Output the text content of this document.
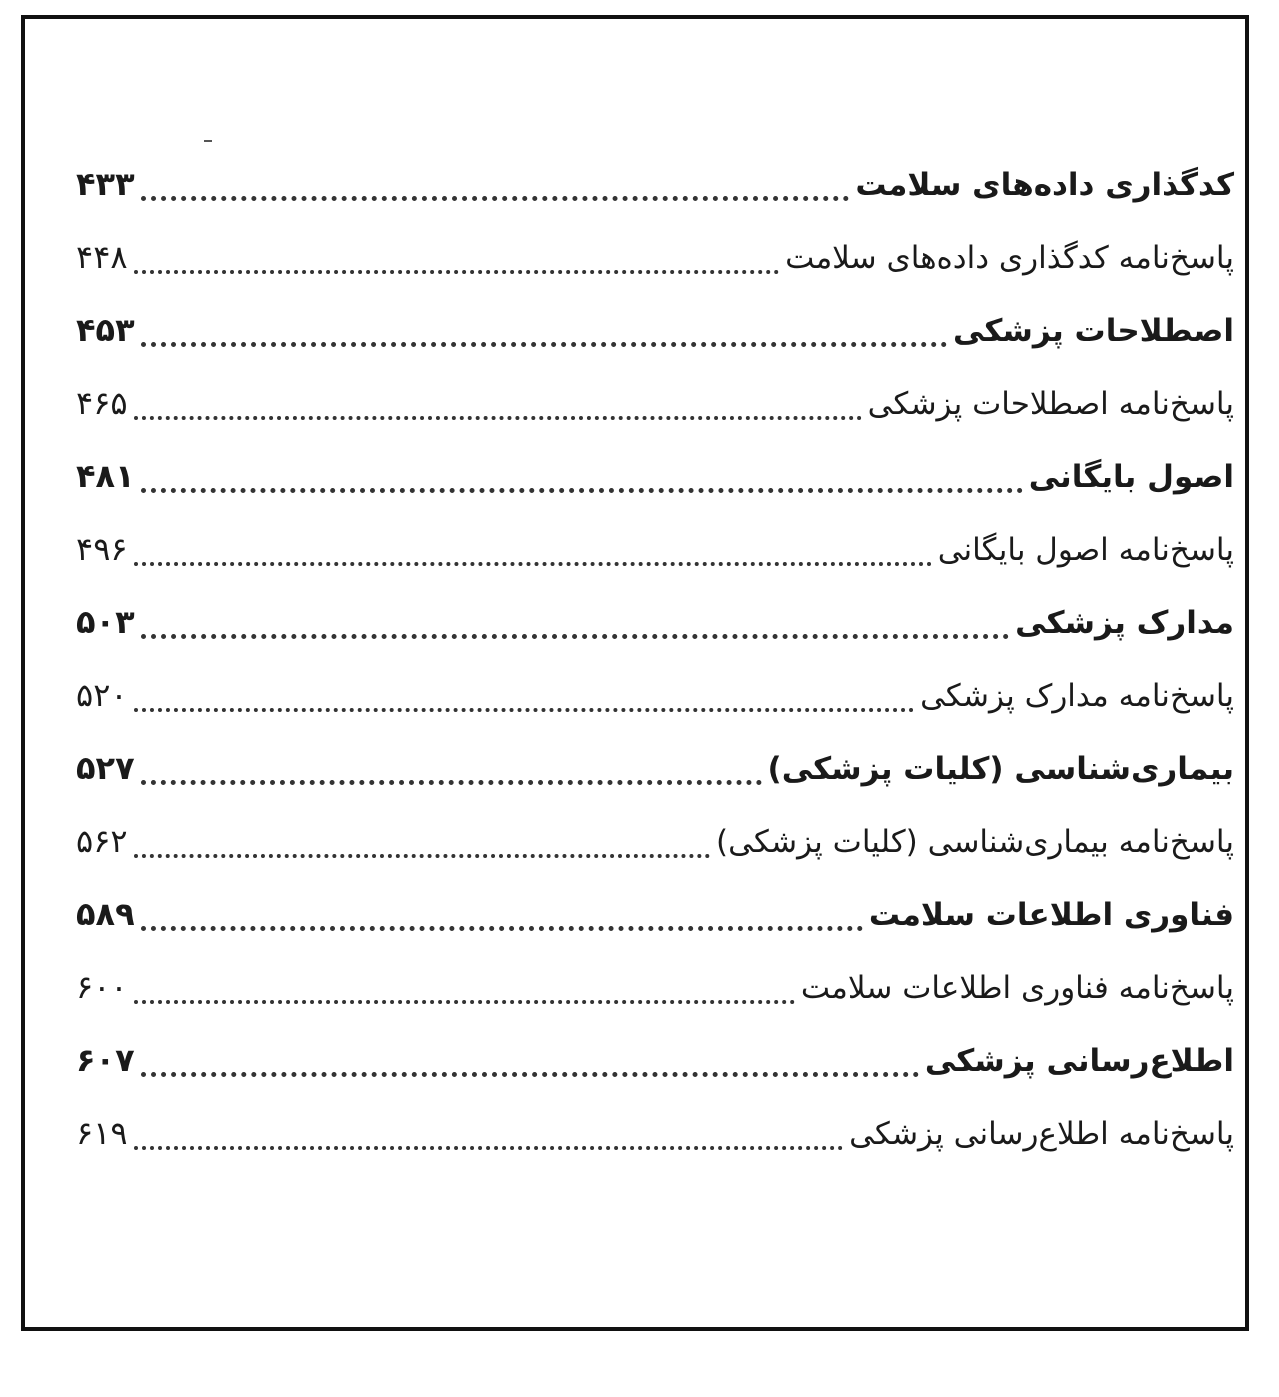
کدگذاری داده‌های سلامت
۴۳۳
پاسخ‌نامه کدگذاری داده‌های سلامت
۴۴۸
اصطلاحات پزشکی
۴۵۳
پاسخ‌نامه اصطلاحات پزشکی
۴۶۵
اصول بایگانی
۴۸۱
پاسخ‌نامه اصول بایگانی
۴۹۶
مدارک پزشکی
۵۰۳
پاسخ‌نامه مدارک پزشکی
۵۲۰
بیماری‌شناسی (کلیات پزشکی)
۵۲۷
پاسخ‌نامه بیماری‌شناسی (کلیات پزشکی)
۵۶۲
فناوری اطلاعات سلامت
۵۸۹
پاسخ‌نامه فناوری اطلاعات سلامت
۶۰۰
اطلاع‌رسانی پزشکی
۶۰۷
پاسخ‌نامه اطلاع‌رسانی پزشکی
۶۱۹
